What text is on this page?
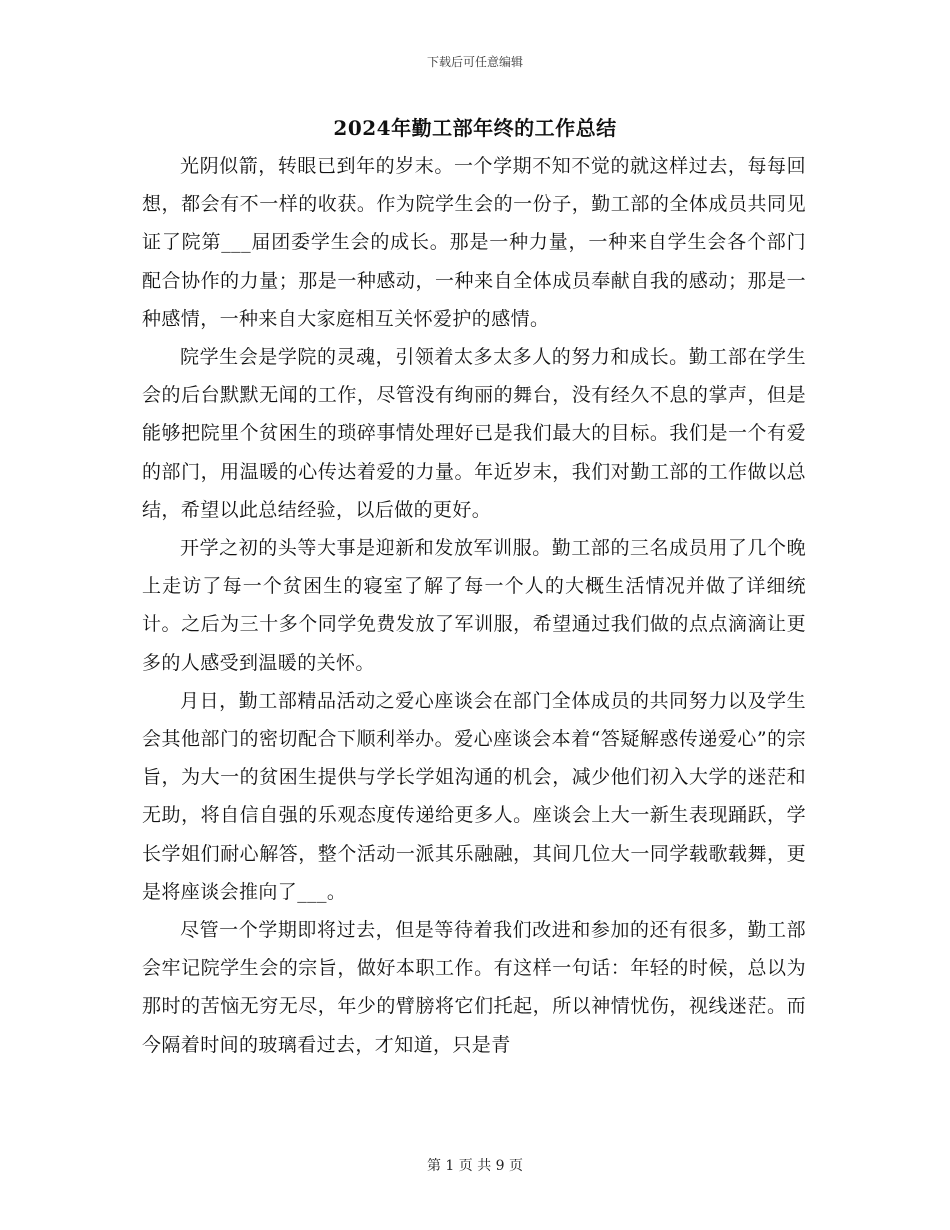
下载后可任意编辑
2024年勤工部年终的工作总结

光阴似箭，转眼已到年的岁末。一个学期不知不觉的就这样过去，每每回想，都会有不一样的收获。作为院学生会的一份子，勤工部的全体成员共同见证了院第___届团委学生会的成长。那是一种力量，一种来自学生会各个部门配合协作的力量；那是一种感动，一种来自全体成员奉献自我的感动；那是一种感情，一种来自大家庭相互关怀爱护的感情。

院学生会是学院的灵魂，引领着太多太多人的努力和成长。勤工部在学生会的后台默默无闻的工作，尽管没有绚丽的舞台，没有经久不息的掌声，但是能够把院里个贫困生的琐碎事情处理好已是我们最大的目标。我们是一个有爱的部门，用温暖的心传达着爱的力量。年近岁末，我们对勤工部的工作做以总结，希望以此总结经验，以后做的更好。

开学之初的头等大事是迎新和发放军训服。勤工部的三名成员用了几个晚上走访了每一个贫困生的寝室了解了每一个人的大概生活情况并做了详细统计。之后为三十多个同学免费发放了军训服，希望通过我们做的点点滴滴让更多的人感受到温暖的关怀。

月日，勤工部精品活动之爱心座谈会在部门全体成员的共同努力以及学生会其他部门的密切配合下顺利举办。爱心座谈会本着“答疑解惑传递爱心”的宗旨，为大一的贫困生提供与学长学姐沟通的机会，减少他们初入大学的迷茫和无助，将自信自强的乐观态度传递给更多人。座谈会上大一新生表现踊跃，学长学姐们耐心解答，整个活动一派其乐融融，其间几位大一同学载歌载舞，更是将座谈会推向了___。

尽管一个学期即将过去，但是等待着我们改进和参加的还有很多，勤工部会牢记院学生会的宗旨，做好本职工作。有这样一句话：年轻的时候，总以为那时的苦恼无穷无尽，年少的臂膀将它们托起，所以神情忧伤，视线迷茫。而今隔着时间的玻璃看过去，才知道，只是青

第 1 页 共 9 页
